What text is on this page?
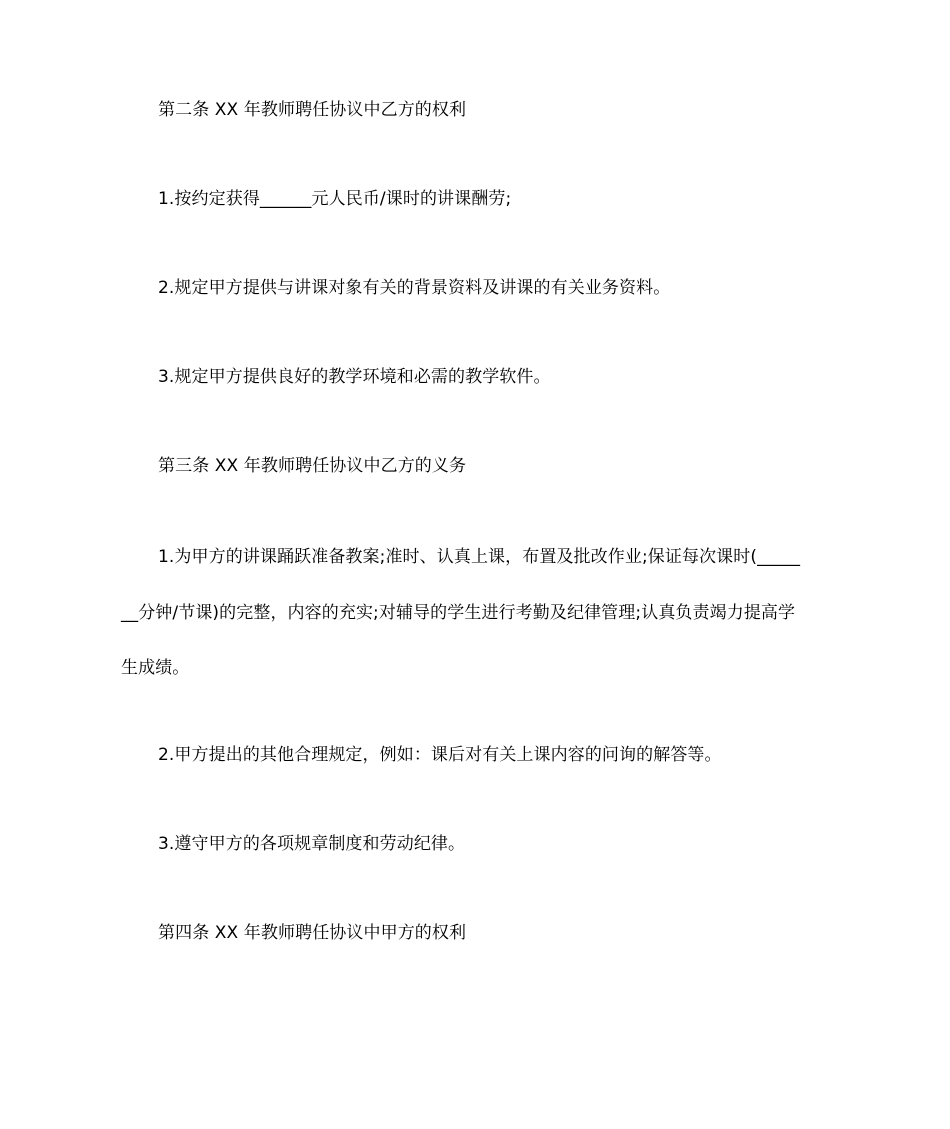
第二条 XX 年教师聘任协议中乙方的权利
1.按约定获得______元人民币/课时的讲课酬劳;
2.规定甲方提供与讲课对象有关的背景资料及讲课的有关业务资料。
3.规定甲方提供良好的教学环境和必需的教学软件。
第三条 XX 年教师聘任协议中乙方的义务
1.为甲方的讲课踊跃准备教案;准时、认真上课，布置及批改作业;保证每次课时(_____
__分钟/节课)的完整，内容的充实;对辅导的学生进行考勤及纪律管理;认真负责竭力提高学
生成绩。
2.甲方提出的其他合理规定，例如：课后对有关上课内容的问询的解答等。
3.遵守甲方的各项规章制度和劳动纪律。
第四条 XX 年教师聘任协议中甲方的权利
